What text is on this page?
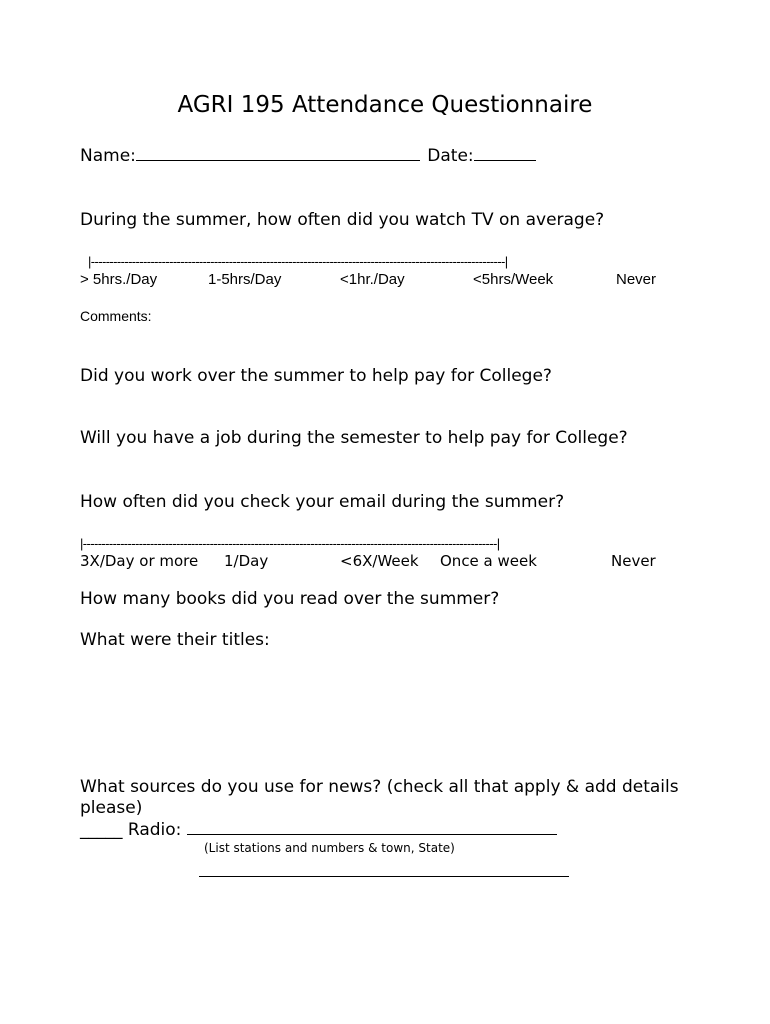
AGRI 195 Attendance Questionnaire
Name:	Date:
During the summer, how often did you watch TV on average?
|---------------------------------------------------------------------------------------------------------------|
> 5hrs./Day	1-5hrs/Day	<1hr./Day	<5hrs/Week	Never
Comments:
Did you work over the summer to help pay for College?
Will you have a job during the semester to help pay for College?
How often did you check your email during the summer?
|---------------------------------------------------------------------------------------------------------------|
3X/Day or more 1/Day	<6X/Week Once a week	Never
How many books did you read over the summer?
What were their titles:
What sources do you use for news? (check all that apply & add details
please)
_____ Radio:
(List stations and numbers & town, State)
